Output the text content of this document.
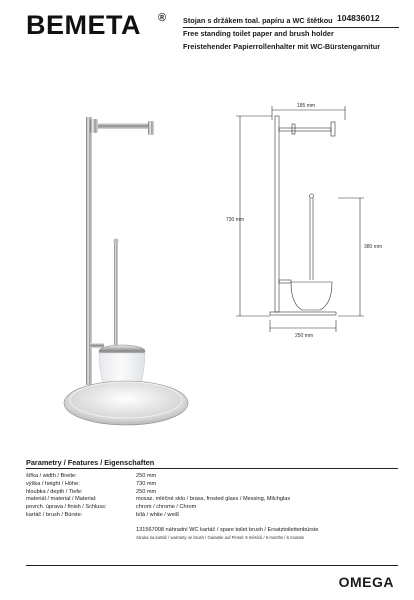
BEMETA ® Stojan s držákem toal. papíru a WC štětkou
Free standing toilet paper and brush holder
Freistehender Papierrollenhalter mit WC-Bürstengarnitur
104836012
185 mm
730 mm
380 mm
250 mm
Parametry / Features / Eigenschaften
šířka / width / Breite:	250 mm
výška / height / Höhe:	730 mm
hloubka / depth / Tiefe:	250 mm
materiál / material / Material:	mosaz, mléčné sklo / brass, frosted glass / Messing, Milchglas
povrch. úprava / finish / Schluss:	chrom / chrome / Chrom
kartáč / brush / Bürste:	bílá / white / weiß
131567008 náhradní WC kartáč / spare toilet brush / Ersatztoilettenbürste
záruka na kartáč / warranty on brush / Garantie auf Pinsel: 6 měsíců / 6 months / 6 monate
OMEGA
